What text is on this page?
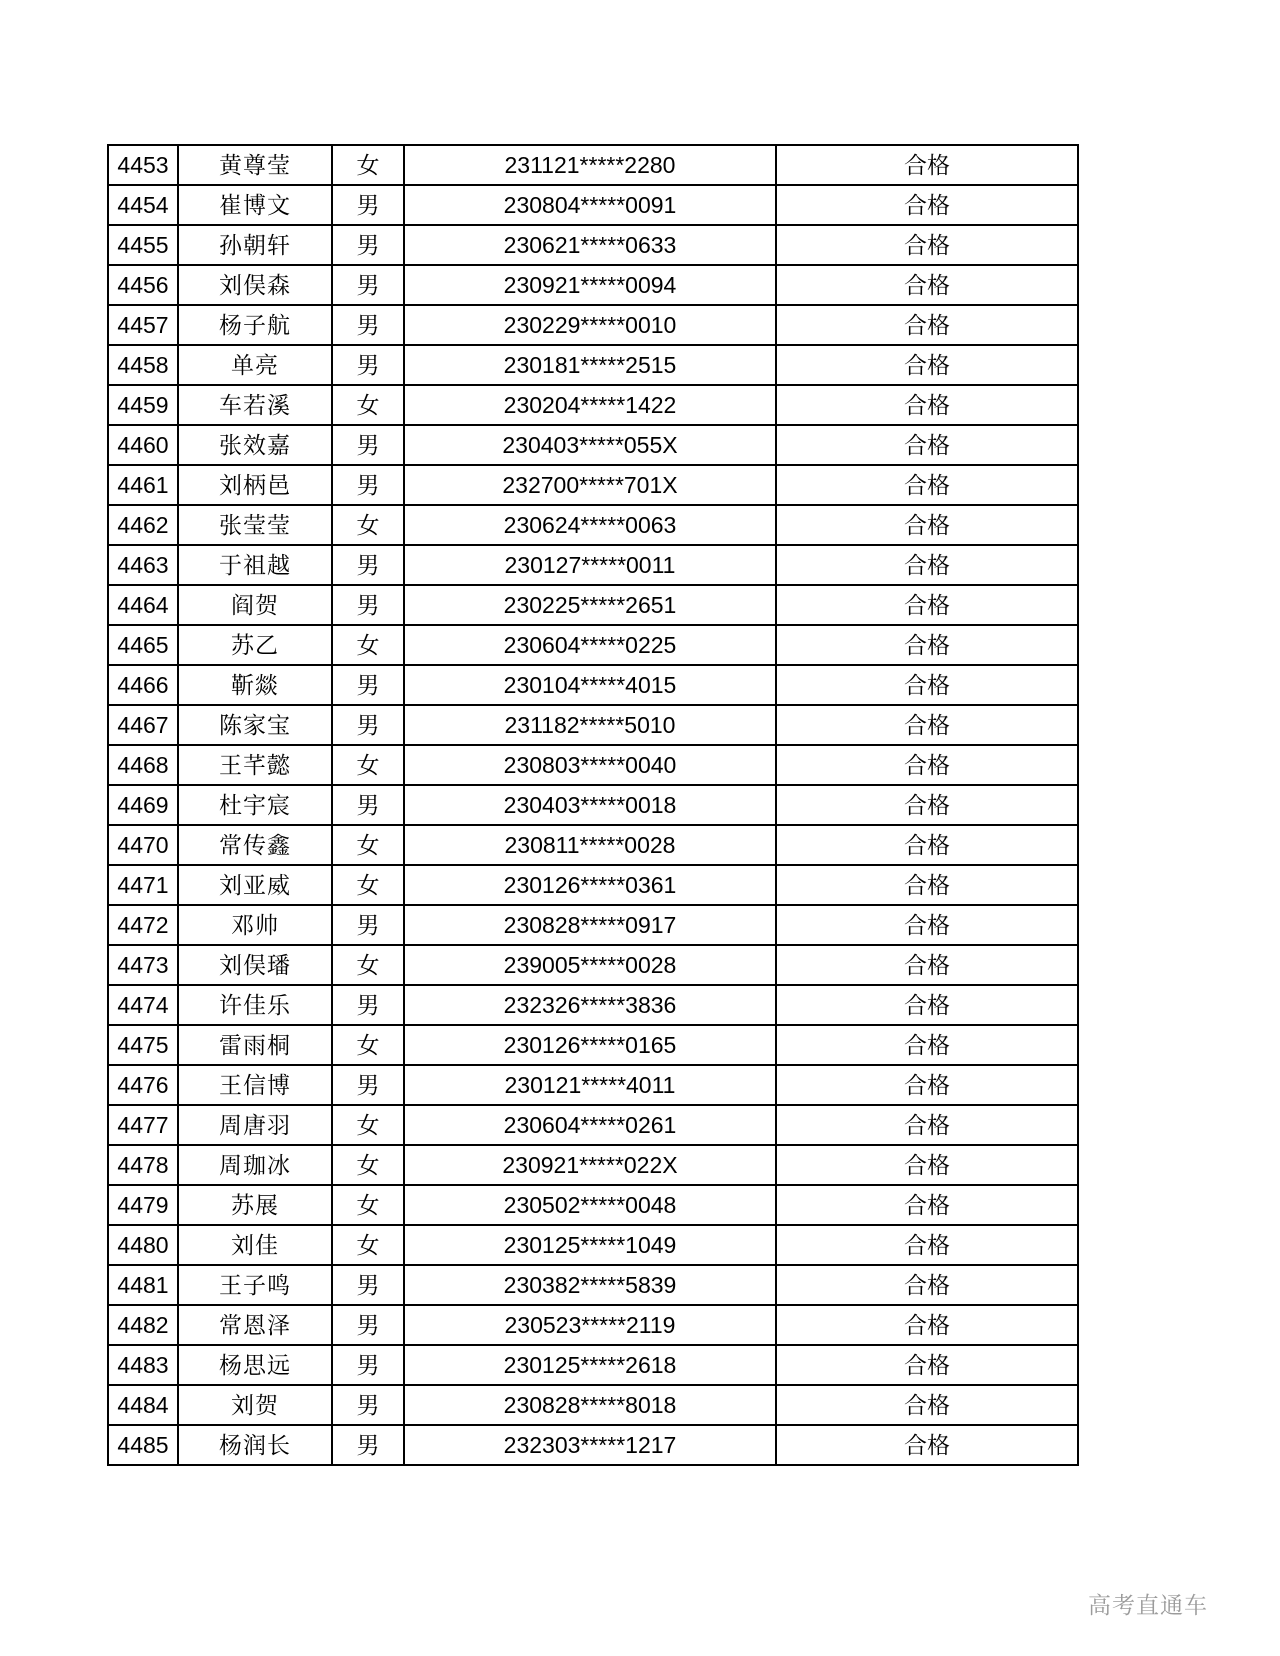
4453	黄尊莹	女	231121*****2280	合格
4454	崔博文	男	230804*****0091	合格
4455	孙朝轩	男	230621*****0633	合格
4456	刘俣森	男	230921*****0094	合格
4457	杨子航	男	230229*****0010	合格
4458	单亮	男	230181*****2515	合格
4459	车若溪	女	230204*****1422	合格
4460	张效嘉	男	230403*****055X	合格
4461	刘柄邑	男	232700*****701X	合格
4462	张莹莹	女	230624*****0063	合格
4463	于祖越	男	230127*****0011	合格
4464	阎贺	男	230225*****2651	合格
4465	苏乙	女	230604*****0225	合格
4466	靳燚	男	230104*****4015	合格
4467	陈家宝	男	231182*****5010	合格
4468	王芊懿	女	230803*****0040	合格
4469	杜宇宸	男	230403*****0018	合格
4470	常传鑫	女	230811*****0028	合格
4471	刘亚威	女	230126*****0361	合格
4472	邓帅	男	230828*****0917	合格
4473	刘俣璠	女	239005*****0028	合格
4474	许佳乐	男	232326*****3836	合格
4475	雷雨桐	女	230126*****0165	合格
4476	王信博	男	230121*****4011	合格
4477	周唐羽	女	230604*****0261	合格
4478	周珈冰	女	230921*****022X	合格
4479	苏展	女	230502*****0048	合格
4480	刘佳	女	230125*****1049	合格
4481	王子鸣	男	230382*****5839	合格
4482	常恩泽	男	230523*****2119	合格
4483	杨思远	男	230125*****2618	合格
4484	刘贺	男	230828*****8018	合格
4485	杨润长	男	232303*****1217	合格
高考直通车
